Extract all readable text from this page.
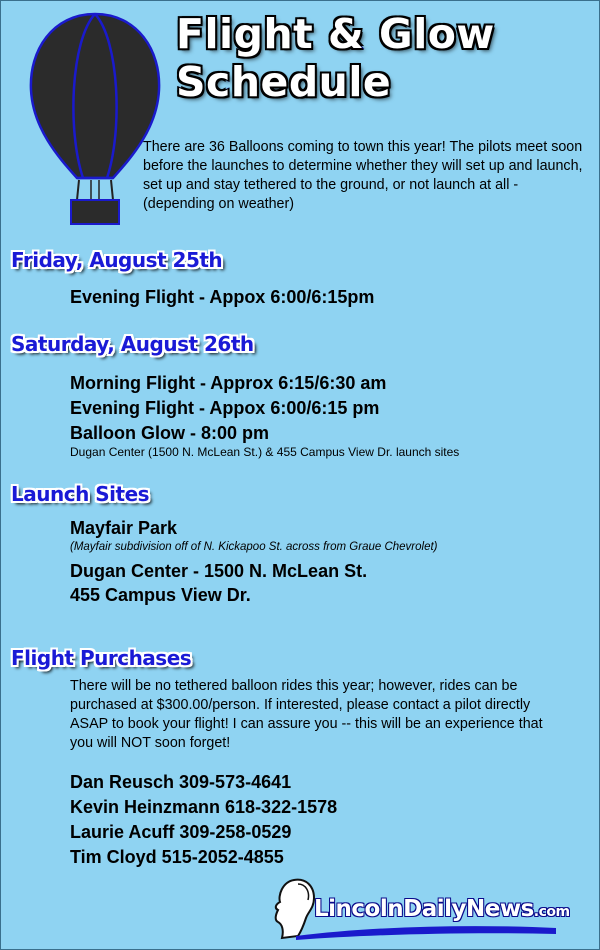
Flight & Glow
Schedule

There are 36 Balloons coming to town this year! The pilots meet soon before the launches to determine whether they will set up and launch, set up and stay tethered to the ground, or not launch at all - (depending on weather)

Friday, August 25th

Evening Flight - Appox 6:00/6:15pm

Saturday, August 26th

Morning Flight - Approx 6:15/6:30 am

Evening Flight - Appox 6:00/6:15 pm

Balloon Glow - 8:00 pm

Dugan Center (1500 N. McLean St.) & 455 Campus View Dr. launch sites

Launch Sites

Mayfair Park

(Mayfair subdivision off of N. Kickapoo St. across from Graue Chevrolet)

Dugan Center - 1500 N. McLean St.

455 Campus View Dr.

Flight Purchases

There will be no tethered balloon rides this year; however, rides can be purchased at $300.00/person. If interested, please contact a pilot directly ASAP to book your flight! I can assure you -- this will be an experience that you will NOT soon forget!

Dan Reusch 309-573-4641

Kevin Heinzmann 618-322-1578

Laurie Acuff 309-258-0529

Tim Cloyd 515-2052-4855

LincolnDailyNews.com
